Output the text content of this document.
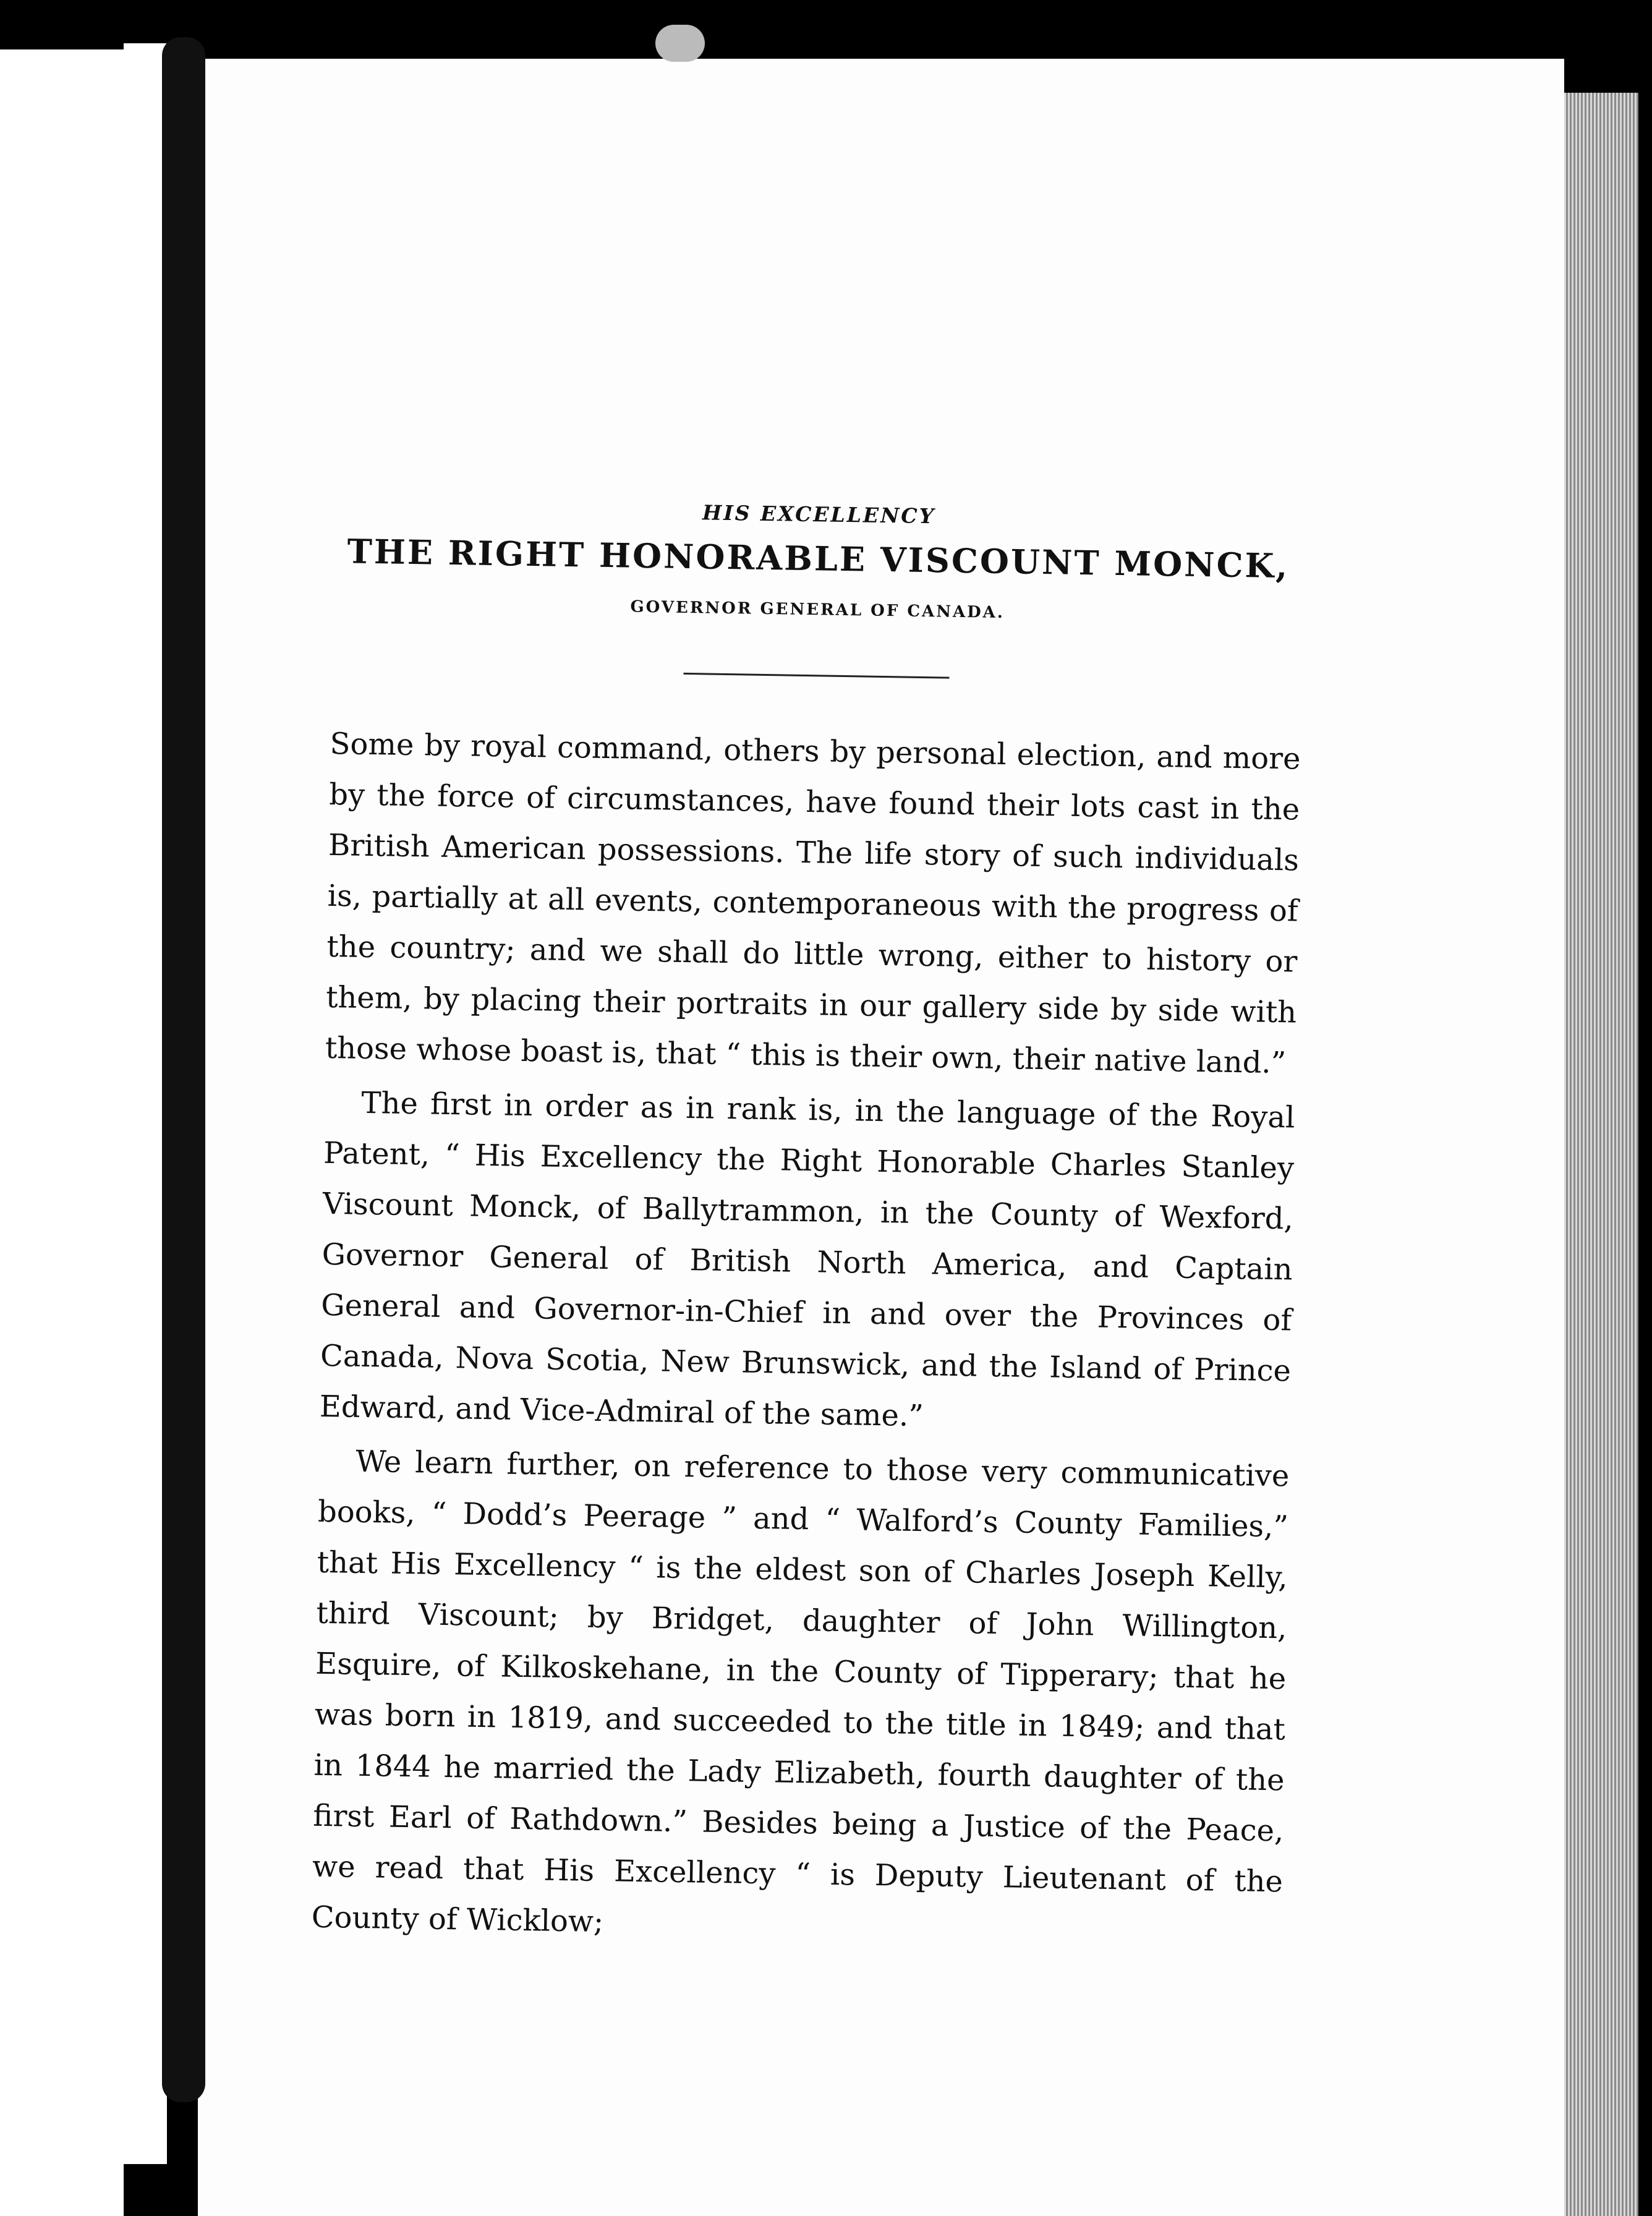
HIS EXCELLENCY
THE RIGHT HONORABLE VISCOUNT MONCK,
GOVERNOR GENERAL OF CANADA.

Some by royal command, others by personal election, and more by the force of circumstances, have found their lots cast in the British American possessions. The life story of such individuals is, partially at all events, contemporaneous with the progress of the country; and we shall do little wrong, either to history or them, by placing their portraits in our gallery side by side with those whose boast is, that “ this is their own, their native land.”

The first in order as in rank is, in the language of the Royal Patent, “ His Excellency the Right Honorable Charles Stanley Viscount Monck, of Ballytrammon, in the County of Wexford, Governor General of British North America, and Captain General and Governor-in-Chief in and over the Provinces of Canada, Nova Scotia, New Brunswick, and the Island of Prince Edward, and Vice-Admiral of the same.”

We learn further, on reference to those very communicative books, “ Dodd’s Peerage ” and “ Walford’s County Families,” that His Excellency “ is the eldest son of Charles Joseph Kelly, third Viscount; by Bridget, daughter of John Willington, Esquire, of Kilkoskehane, in the County of Tipperary; that he was born in 1819, and succeeded to the title in 1849; and that in 1844 he married the Lady Elizabeth, fourth daughter of the first Earl of Rathdown.” Besides being a Justice of the Peace, we read that His Excellency “ is Deputy Lieutenant of the County of Wicklow;
